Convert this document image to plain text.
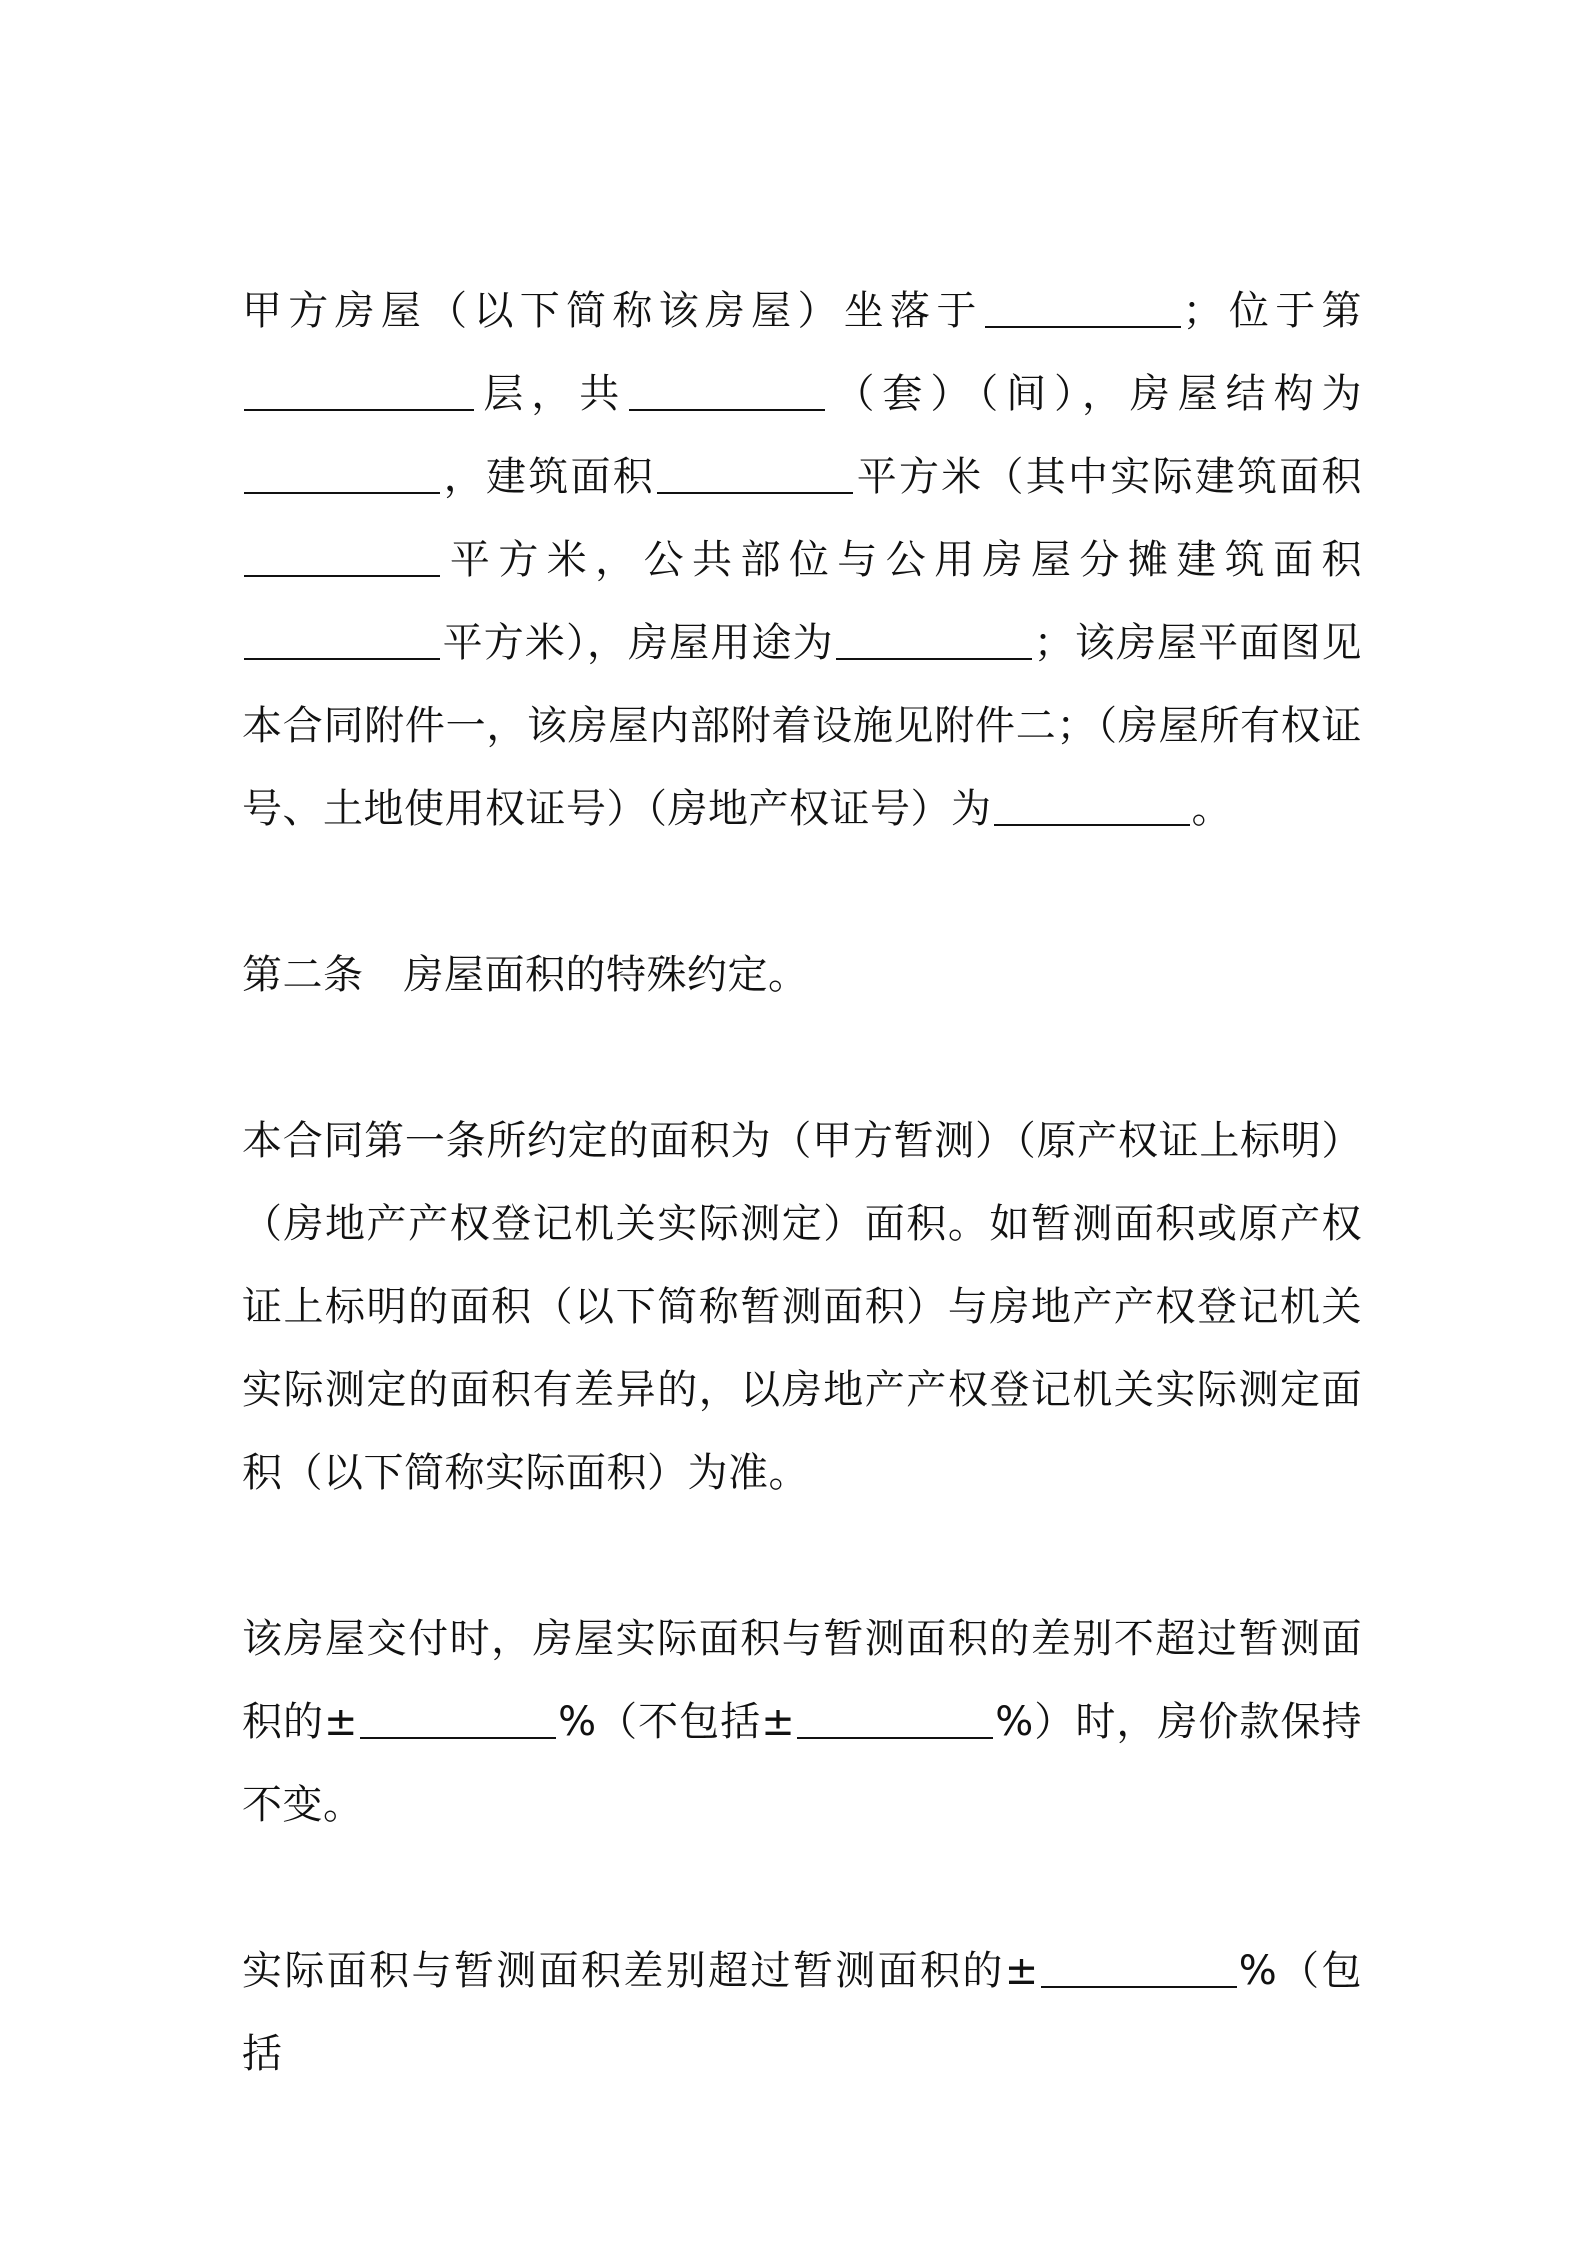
甲方房屋（以下简称该房屋）坐落于	；位于第层，共	（套）（间），房屋结构为，建筑面积	平方米（其中实际建筑面积平方米，公共部位与公用房屋分摊建筑面积平方米），房屋用途为	；该房屋平面图见本合同附件一，该房屋内部附着设施见附件二；（房屋所有权证号、土地使用权证号）（房地产权证号）为	。

第二条 房屋面积的特殊约定。

本合同第一条所约定的面积为（甲方暂测）（原产权证上标明）（房地产产权登记机关实际测定）面积。如暂测面积或原产权证上标明的面积（以下简称暂测面积）与房地产产权登记机关实际测定的面积有差异的，以房地产产权登记机关实际测定面积（以下简称实际面积）为准。

该房屋交付时，房屋实际面积与暂测面积的差别不超过暂测面积的±	%（不包括±	%）时，房价款保持不变。

实际面积与暂测面积差别超过暂测面积的±	%（包括
